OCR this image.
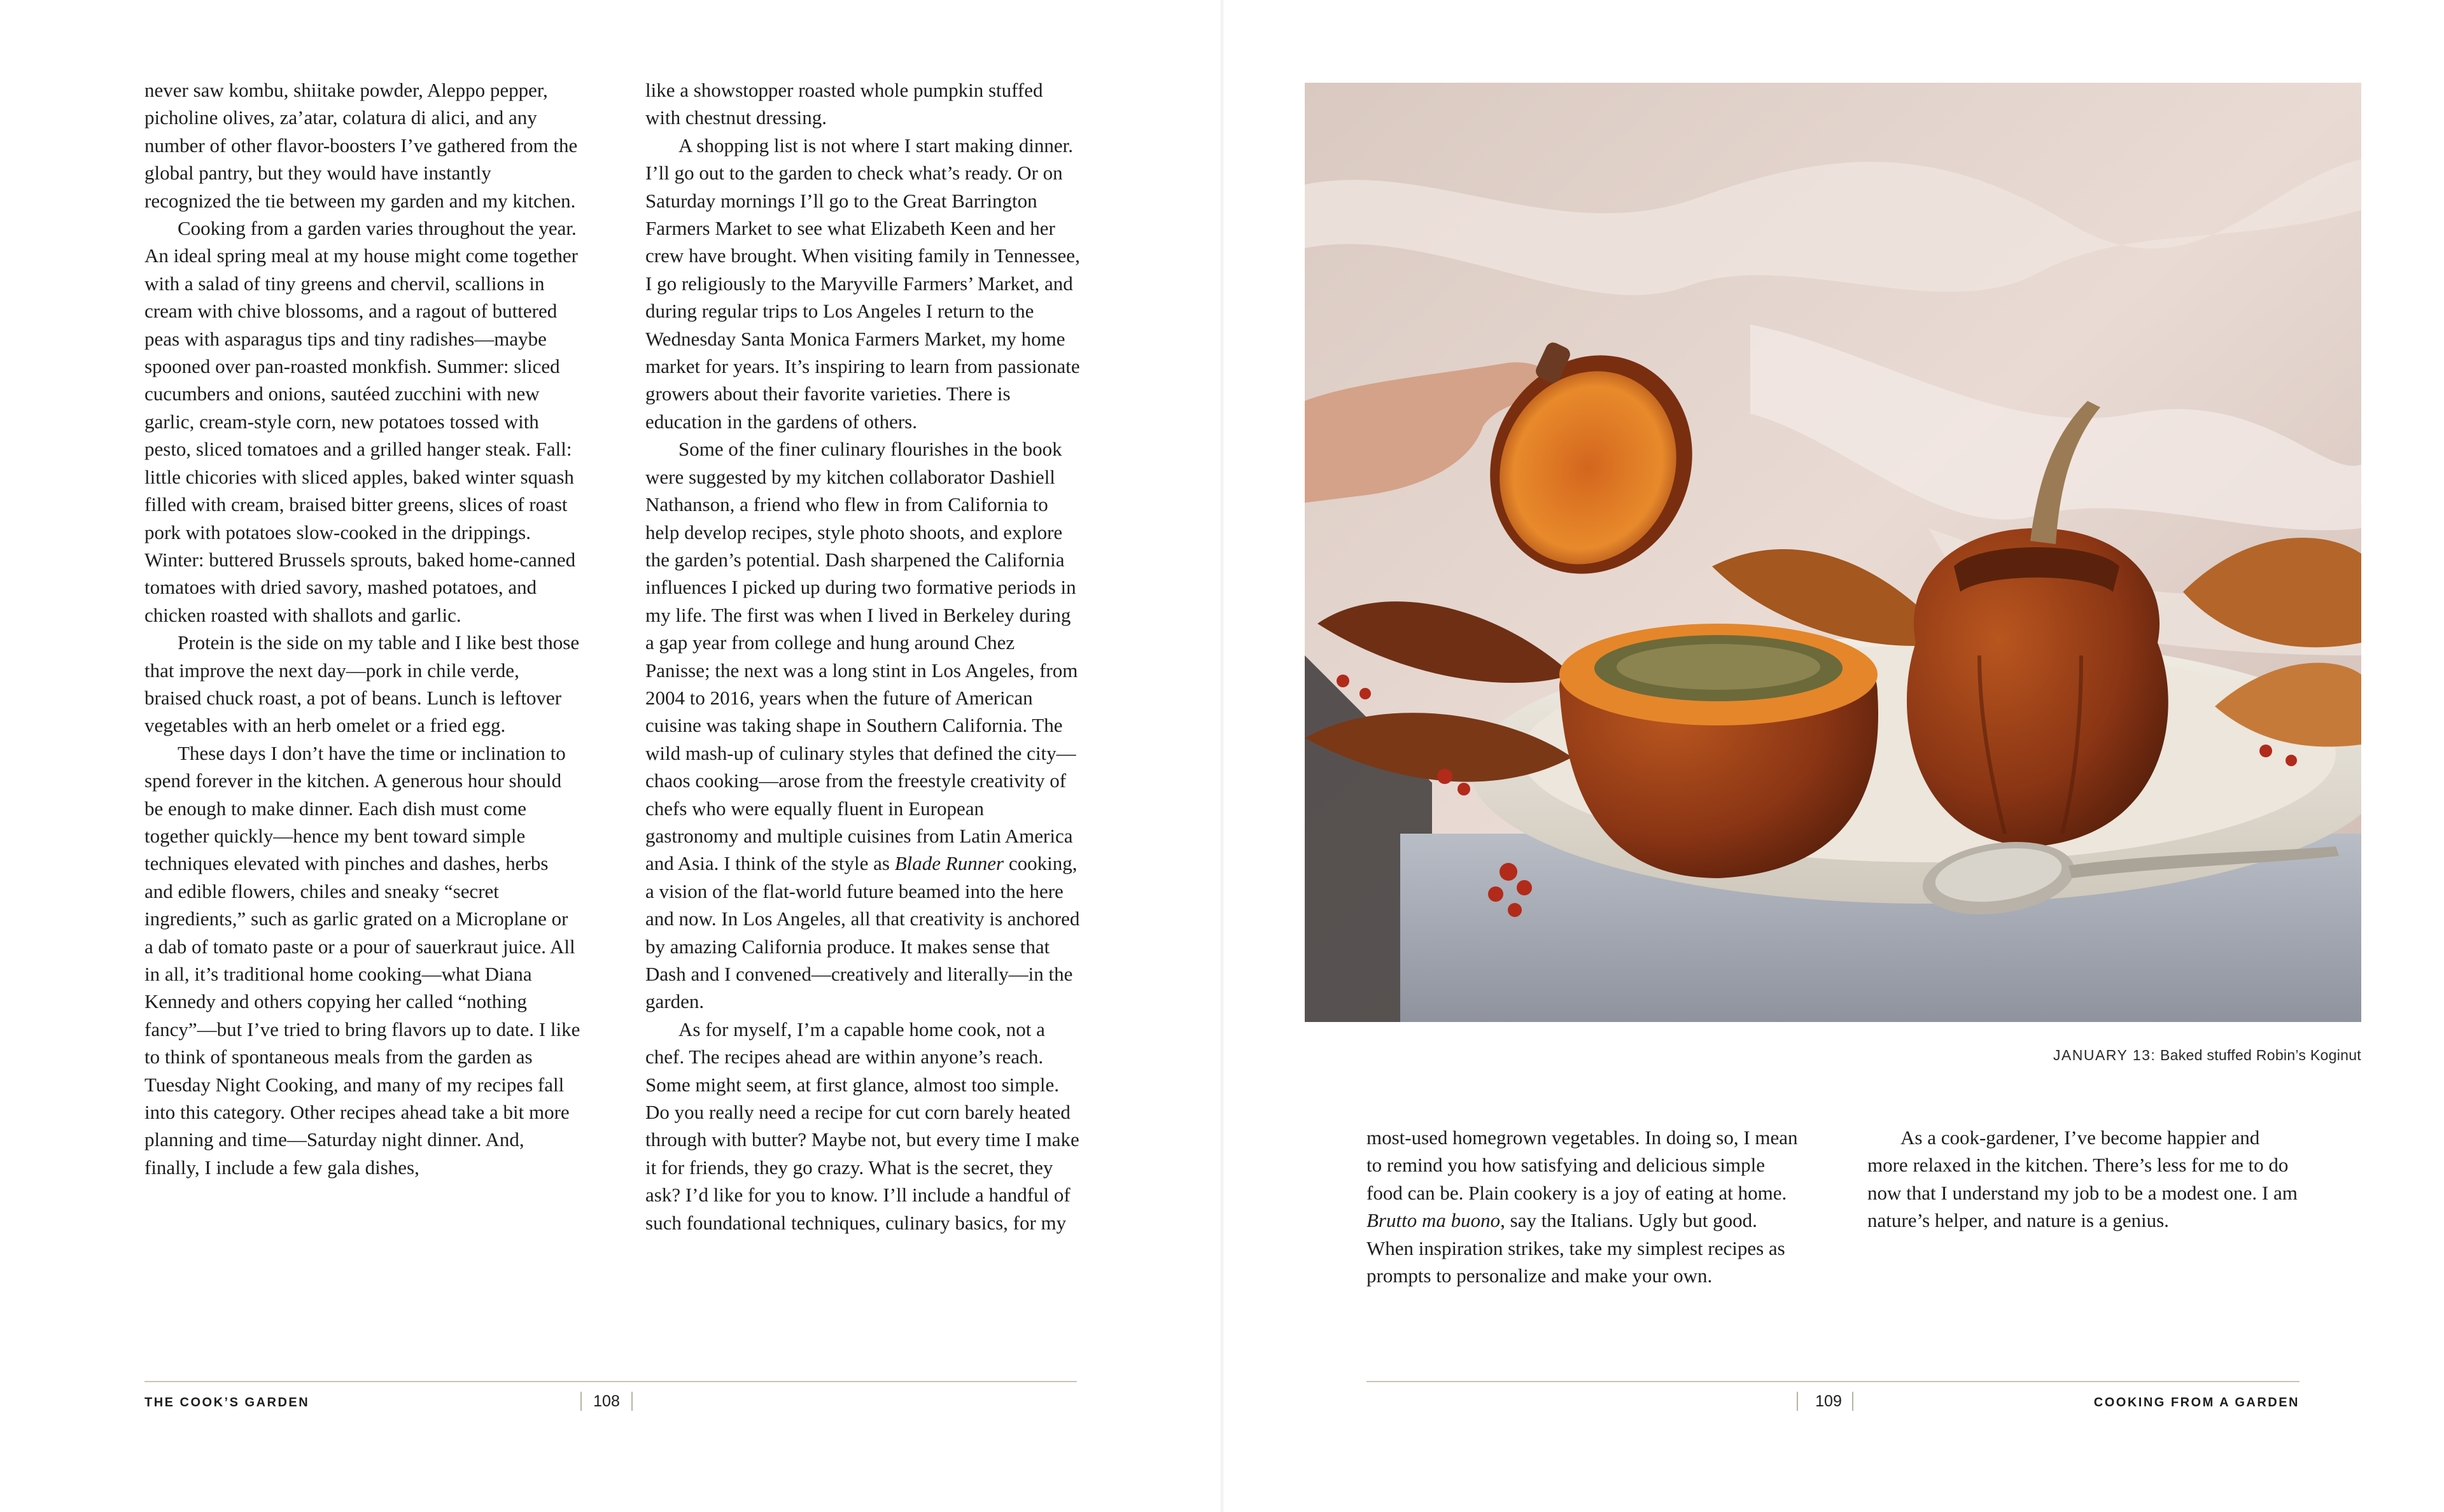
never saw kombu, shiitake powder, Aleppo pepper, picholine olives, za’atar, colatura di alici, and any number of other flavor-boosters I’ve gathered from the global pantry, but they would have instantly recognized the tie between my garden and my kitchen.

Cooking from a garden varies throughout the year. An ideal spring meal at my house might come together with a salad of tiny greens and chervil, scallions in cream with chive blossoms, and a ragout of buttered peas with asparagus tips and tiny radishes—maybe spooned over pan-roasted monkfish. Summer: sliced cucumbers and onions, sautéed zucchini with new garlic, cream-style corn, new potatoes tossed with pesto, sliced tomatoes and a grilled hanger steak. Fall: little chicories with sliced apples, baked winter squash filled with cream, braised bitter greens, slices of roast pork with potatoes slow-cooked in the drippings. Winter: buttered Brussels sprouts, baked home-canned tomatoes with dried savory, mashed potatoes, and chicken roasted with shallots and garlic.

Protein is the side on my table and I like best those that improve the next day—pork in chile verde, braised chuck roast, a pot of beans. Lunch is leftover vegetables with an herb omelet or a fried egg.

These days I don’t have the time or inclination to spend forever in the kitchen. A generous hour should be enough to make dinner. Each dish must come together quickly—hence my bent toward simple techniques elevated with pinches and dashes, herbs and edible flowers, chiles and sneaky “secret ingredients,” such as garlic grated on a Microplane or a dab of tomato paste or a pour of sauerkraut juice. All in all, it’s traditional home cooking—what Diana Kennedy and others copying her called “nothing fancy”—but I’ve tried to bring flavors up to date. I like to think of spontaneous meals from the garden as Tuesday Night Cooking, and many of my recipes fall into this category. Other recipes ahead take a bit more planning and time—Saturday night dinner. And, finally, I include a few gala dishes,

like a showstopper roasted whole pumpkin stuffed with chestnut dressing.

A shopping list is not where I start making dinner. I’ll go out to the garden to check what’s ready. Or on Saturday mornings I’ll go to the Great Barrington Farmers Market to see what Elizabeth Keen and her crew have brought. When visiting family in Tennessee, I go religiously to the Maryville Farmers’ Market, and during regular trips to Los Angeles I return to the Wednesday Santa Monica Farmers Market, my home market for years. It’s inspiring to learn from passionate growers about their favorite varieties. There is education in the gardens of others.

Some of the finer culinary flourishes in the book were suggested by my kitchen collaborator Dashiell Nathanson, a friend who flew in from California to help develop recipes, style photo shoots, and explore the garden’s potential. Dash sharpened the California influences I picked up during two formative periods in my life. The first was when I lived in Berkeley during a gap year from college and hung around Chez Panisse; the next was a long stint in Los Angeles, from 2004 to 2016, years when the future of American cuisine was taking shape in Southern California. The wild mash-up of culinary styles that defined the city—chaos cooking—arose from the freestyle creativity of chefs who were equally fluent in European gastronomy and multiple cuisines from Latin America and Asia. I think of the style as Blade Runner cooking, a vision of the flat-world future beamed into the here and now. In Los Angeles, all that creativity is anchored by amazing California produce. It makes sense that Dash and I convened—creatively and literally—in the garden.

As for myself, I’m a capable home cook, not a chef. The recipes ahead are within anyone’s reach. Some might seem, at first glance, almost too simple. Do you really need a recipe for cut corn barely heated through with butter? Maybe not, but every time I make it for friends, they go crazy. What is the secret, they ask? I’d like for you to know. I’ll include a handful of such foundational techniques, culinary basics, for my

THE COOK’S GARDEN	108
JANUARY 13: Baked stuffed Robin’s Koginut

most-used homegrown vegetables. In doing so, I mean to remind you how satisfying and delicious simple food can be. Plain cookery is a joy of eating at home. Brutto ma buono, say the Italians. Ugly but good. When inspiration strikes, take my simplest recipes as prompts to personalize and make your own.

As a cook-gardener, I’ve become happier and more relaxed in the kitchen. There’s less for me to do now that I understand my job to be a modest one. I am nature’s helper, and nature is a genius.

109	COOKING FROM A GARDEN
